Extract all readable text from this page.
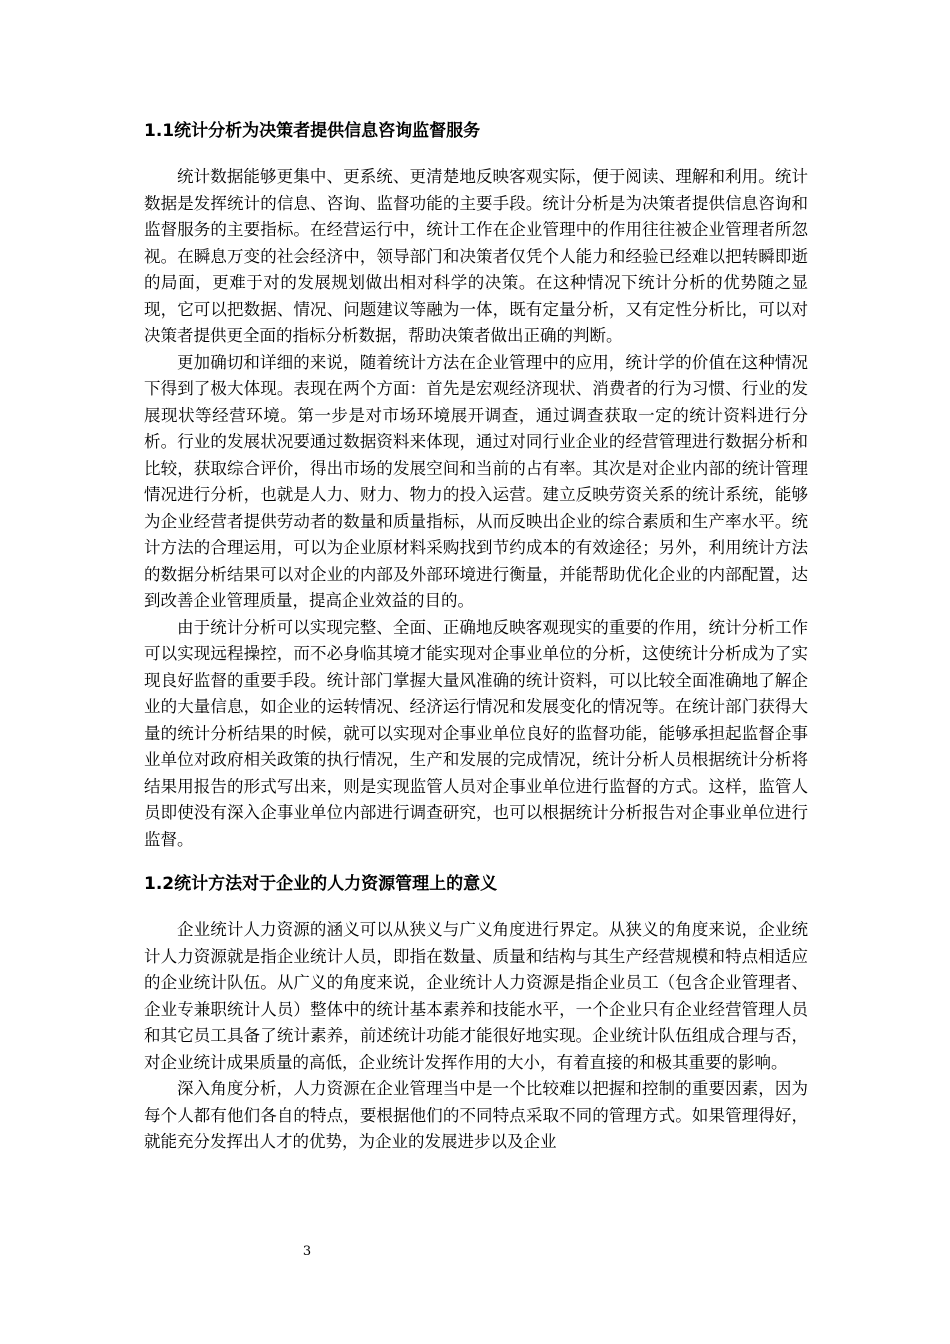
1.1统计分析为决策者提供信息咨询监督服务

统计数据能够更集中、更系统、更清楚地反映客观实际，便于阅读、理解和利用。统计数据是发挥统计的信息、咨询、监督功能的主要手段。统计分析是为决策者提供信息咨询和监督服务的主要指标。在经营运行中，统计工作在企业管理中的作用往往被企业管理者所忽视。在瞬息万变的社会经济中，领导部门和决策者仅凭个人能力和经验已经难以把转瞬即逝的局面，更难于对的发展规划做出相对科学的决策。在这种情况下统计分析的优势随之显现，它可以把数据、情况、问题建议等融为一体，既有定量分析，又有定性分析比，可以对决策者提供更全面的指标分析数据，帮助决策者做出正确的判断。

更加确切和详细的来说，随着统计方法在企业管理中的应用，统计学的价值在这种情况下得到了极大体现。表现在两个方面：首先是宏观经济现状、消费者的行为习惯、行业的发展现状等经营环境。第一步是对市场环境展开调查，通过调查获取一定的统计资料进行分析。行业的发展状况要通过数据资料来体现，通过对同行业企业的经营管理进行数据分析和比较，获取综合评价，得出市场的发展空间和当前的占有率。其次是对企业内部的统计管理情况进行分析，也就是人力、财力、物力的投入运营。建立反映劳资关系的统计系统，能够为企业经营者提供劳动者的数量和质量指标，从而反映出企业的综合素质和生产率水平。统计方法的合理运用，可以为企业原材料采购找到节约成本的有效途径；另外，利用统计方法的数据分析结果可以对企业的内部及外部环境进行衡量，并能帮助优化企业的内部配置，达到改善企业管理质量，提高企业效益的目的。

由于统计分析可以实现完整、全面、正确地反映客观现实的重要的作用，统计分析工作可以实现远程操控，而不必身临其境才能实现对企事业单位的分析，这使统计分析成为了实现良好监督的重要手段。统计部门掌握大量风准确的统计资料，可以比较全面准确地了解企业的大量信息，如企业的运转情况、经济运行情况和发展变化的情况等。在统计部门获得大量的统计分析结果的时候，就可以实现对企事业单位良好的监督功能，能够承担起监督企事业单位对政府相关政策的执行情况，生产和发展的完成情况，统计分析人员根据统计分析将结果用报告的形式写出来，则是实现监管人员对企事业单位进行监督的方式。这样，监管人员即使没有深入企事业单位内部进行调查研究，也可以根据统计分析报告对企事业单位进行监督。

1.2统计方法对于企业的人力资源管理上的意义

企业统计人力资源的涵义可以从狭义与广义角度进行界定。从狭义的角度来说，企业统计人力资源就是指企业统计人员，即指在数量、质量和结构与其生产经营规模和特点相适应的企业统计队伍。从广义的角度来说，企业统计人力资源是指企业员工（包含企业管理者、企业专兼职统计人员）整体中的统计基本素养和技能水平，一个企业只有企业经营管理人员和其它员工具备了统计素养，前述统计功能才能很好地实现。企业统计队伍组成合理与否，对企业统计成果质量的高低，企业统计发挥作用的大小，有着直接的和极其重要的影响。

深入角度分析，人力资源在企业管理当中是一个比较难以把握和控制的重要因素，因为每个人都有他们各自的特点，要根据他们的不同特点采取不同的管理方式。如果管理得好，就能充分发挥出人才的优势，为企业的发展进步以及企业

3
